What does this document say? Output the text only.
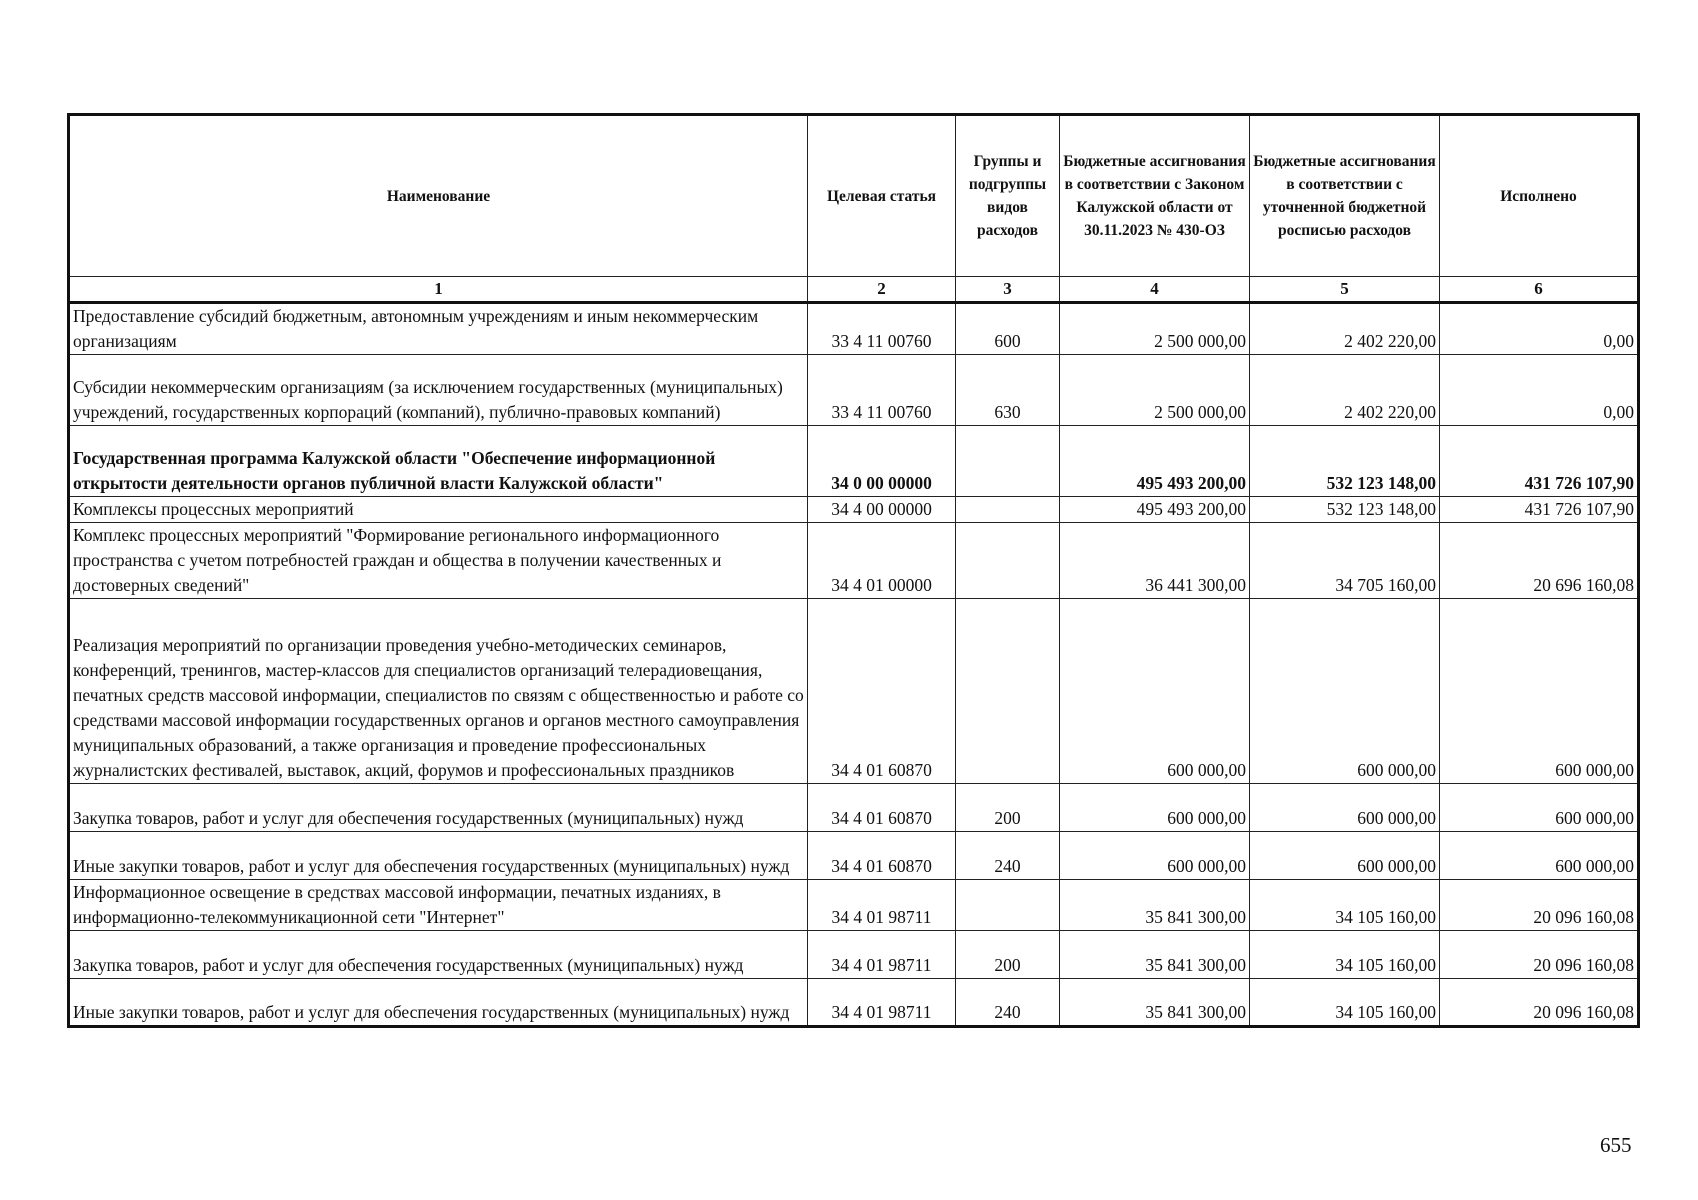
Наименование	Целевая статья	Группы и подгруппы видов расходов	Бюджетные ассигнования в соответствии с Законом Калужской области от 30.11.2023 № 430-ОЗ	Бюджетные ассигнования в соответствии с уточненной бюджетной росписью расходов	Исполнено
1	2	3	4	5	6
Предоставление субсидий бюджетным, автономным учреждениям и иным некоммерческим организациям	33 4 11 00760	600	2 500 000,00	2 402 220,00	0,00
Субсидии некоммерческим организациям (за исключением государственных (муниципальных) учреждений, государственных корпораций (компаний), публично-правовых компаний)	33 4 11 00760	630	2 500 000,00	2 402 220,00	0,00
Государственная программа Калужской области "Обеспечение информационной открытости деятельности органов публичной власти Калужской области"	34 0 00 00000		495 493 200,00	532 123 148,00	431 726 107,90
Комплексы процессных мероприятий	34 4 00 00000		495 493 200,00	532 123 148,00	431 726 107,90
Комплекс процессных мероприятий "Формирование регионального информационного пространства с учетом потребностей граждан и общества в получении качественных и достоверных сведений"	34 4 01 00000		36 441 300,00	34 705 160,00	20 696 160,08
Реализация мероприятий по организации проведения учебно-методических семинаров, конференций, тренингов, мастер-классов для специалистов организаций телерадиовещания, печатных средств массовой информации, специалистов по связям с общественностью и работе со средствами массовой информации государственных органов и органов местного самоуправления муниципальных образований, а также организация и проведение профессиональных журналистских фестивалей, выставок, акций, форумов и профессиональных праздников	34 4 01 60870		600 000,00	600 000,00	600 000,00
Закупка товаров, работ и услуг для обеспечения государственных (муниципальных) нужд	34 4 01 60870	200	600 000,00	600 000,00	600 000,00
Иные закупки товаров, работ и услуг для обеспечения государственных (муниципальных) нужд	34 4 01 60870	240	600 000,00	600 000,00	600 000,00
Информационное освещение в средствах массовой информации, печатных изданиях, в информационно-телекоммуникационной сети "Интернет"	34 4 01 98711		35 841 300,00	34 105 160,00	20 096 160,08
Закупка товаров, работ и услуг для обеспечения государственных (муниципальных) нужд	34 4 01 98711	200	35 841 300,00	34 105 160,00	20 096 160,08
Иные закупки товаров, работ и услуг для обеспечения государственных (муниципальных) нужд	34 4 01 98711	240	35 841 300,00	34 105 160,00	20 096 160,08
655
